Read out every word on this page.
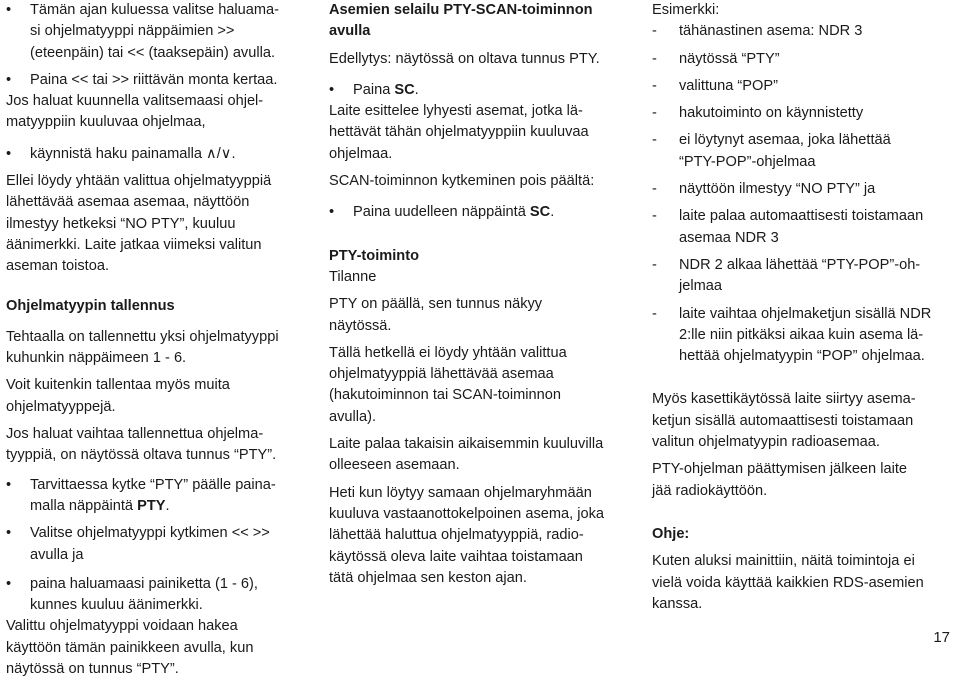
•	Tämän ajan kuluessa valitse haluama-
si ohjelmatyyppi näppäimien >>
(eteenpäin) tai << (taaksepäin) avulla.
•	Paina << tai >> riittävän monta kertaa.
Jos haluat kuunnella valitsemaasi ohjel-
matyyppiin kuuluvaa ohjelmaa,
•	käynnistä haku painamalla ∧/∨.
Ellei löydy yhtään valittua ohjelmatyyppiä
lähettävää asemaa asemaa, näyttöön
ilmestyy hetkeksi “NO PTY”, kuuluu
äänimerkki. Laite jatkaa viimeksi valitun
aseman toistoa.
Ohjelmatyypin tallennus
Tehtaalla on tallennettu yksi ohjelmatyyppi
kuhunkin näppäimeen 1 - 6.
Voit kuitenkin tallentaa myös muita
ohjelmatyyppejä.
Jos haluat vaihtaa tallennettua ohjelma-
tyyppiä, on näytössä oltava tunnus “PTY”.
•	Tarvittaessa kytke “PTY” päälle paina-
malla näppäintä PTY.
•	Valitse ohjelmatyyppi kytkimen << >>
avulla ja
•	paina haluamaasi painiketta (1 - 6),
kunnes kuuluu äänimerkki.
Valittu ohjelmatyyppi voidaan hakea
käyttöön tämän painikkeen avulla, kun
näytössä on tunnus “PTY”.
Asemien selailu PTY-SCAN-toiminnon
avulla
Edellytys: näytössä on oltava tunnus PTY.
•	Paina SC.
Laite esittelee lyhyesti asemat, jotka lä-
hettävät tähän ohjelmatyyppiin kuuluvaa
ohjelmaa.
SCAN-toiminnon kytkeminen pois päältä:
•	Paina uudelleen näppäintä SC.
PTY-toiminto
Tilanne
PTY on päällä, sen tunnus näkyy
näytössä.
Tällä hetkellä ei löydy yhtään valittua
ohjelmatyyppiä lähettävää asemaa
(hakutoiminnon tai SCAN-toiminnon
avulla).
Laite palaa takaisin aikaisemmin kuuluvilla
olleeseen asemaan.
Heti kun löytyy samaan ohjelmaryhmään
kuuluva vastaanottokelpoinen asema, joka
lähettää haluttua ohjelmatyyppiä, radio-
käytössä oleva laite vaihtaa toistamaan
tätä ohjelmaa sen keston ajan.
Esimerkki:
-	tähänastinen asema: NDR 3
-	näytössä “PTY”
-	valittuna “POP”
-	hakutoiminto on käynnistetty
-	ei löytynyt asemaa, joka lähettää
“PTY-POP”-ohjelmaa
-	näyttöön ilmestyy “NO PTY” ja
-	laite palaa automaattisesti toistamaan
asemaa NDR 3
-	NDR 2 alkaa lähettää “PTY-POP”-oh-
jelmaa
-	laite vaihtaa ohjelmaketjun sisällä NDR
2:lle niin pitkäksi aikaa kuin asema lä-
hettää ohjelmatyypin “POP” ohjelmaa.
Myös kasettikäytössä laite siirtyy asema-
ketjun sisällä automaattisesti toistamaan
valitun ohjelmatyypin radioasemaa.
PTY-ohjelman päättymisen jälkeen laite
jää radiokäyttöön.
Ohje:
Kuten aluksi mainittiin, näitä toimintoja ei
vielä voida käyttää kaikkien RDS-asemien
kanssa.
17
